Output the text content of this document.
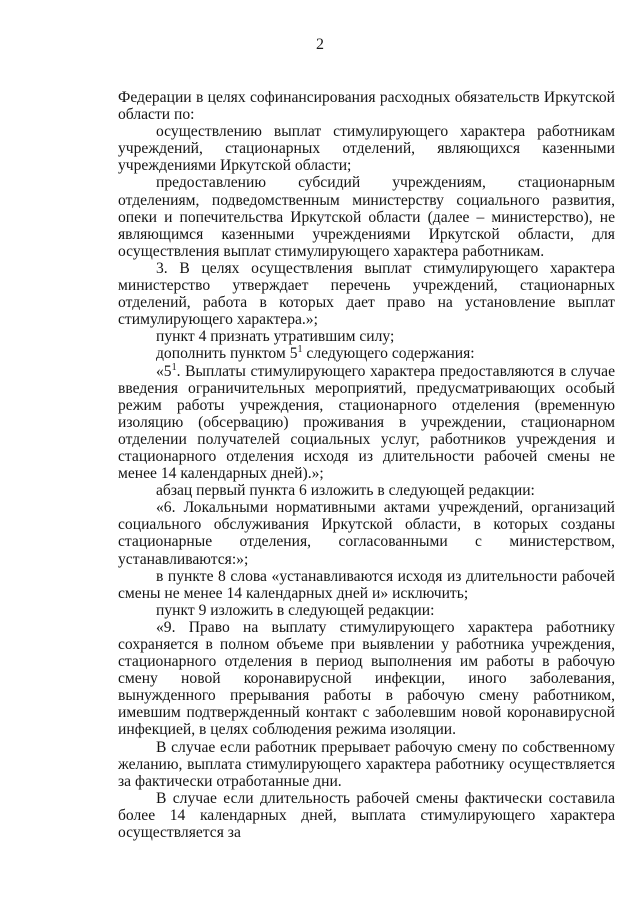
2

Федерации в целях софинансирования расходных обязательств Иркутской области по:

осуществлению выплат стимулирующего характера работникам учреждений, стационарных отделений, являющихся казенными учреждениями Иркутской области;

предоставлению субсидий учреждениям, стационарным отделениям, подведомственным министерству социального развития, опеки и попечительства Иркутской области (далее – министерство), не являющимся казенными учреждениями Иркутской области, для осуществления выплат стимулирующего характера работникам.

3. В целях осуществления выплат стимулирующего характера министерство утверждает перечень учреждений, стационарных отделений, работа в которых дает право на установление выплат стимулирующего характера.»;

пункт 4 признать утратившим силу;

дополнить пунктом $5^1$ следующего содержания:

«$5^1$. Выплаты стимулирующего характера предоставляются в случае введения ограничительных мероприятий, предусматривающих особый режим работы учреждения, стационарного отделения (временную изоляцию (обсервацию) проживания в учреждении, стационарном отделении получателей социальных услуг, работников учреждения и стационарного отделения исходя из длительности рабочей смены не менее 14 календарных дней).»;

абзац первый пункта 6 изложить в следующей редакции:

«6. Локальными нормативными актами учреждений, организаций социального обслуживания Иркутской области, в которых созданы стационарные отделения, согласованными с министерством, устанавливаются:»;

в пункте 8 слова «устанавливаются исходя из длительности рабочей смены не менее 14 календарных дней и» исключить;

пункт 9 изложить в следующей редакции:

«9. Право на выплату стимулирующего характера работнику сохраняется в полном объеме при выявлении у работника учреждения, стационарного отделения в период выполнения им работы в рабочую смену новой коронавирусной инфекции, иного заболевания, вынужденного прерывания работы в рабочую смену работником, имевшим подтвержденный контакт с заболевшим новой коронавирусной инфекцией, в целях соблюдения режима изоляции.

В случае если работник прерывает рабочую смену по собственному желанию, выплата стимулирующего характера работнику осуществляется за фактически отработанные дни.

В случае если длительность рабочей смены фактически составила более 14 календарных дней, выплата стимулирующего характера осуществляется за
